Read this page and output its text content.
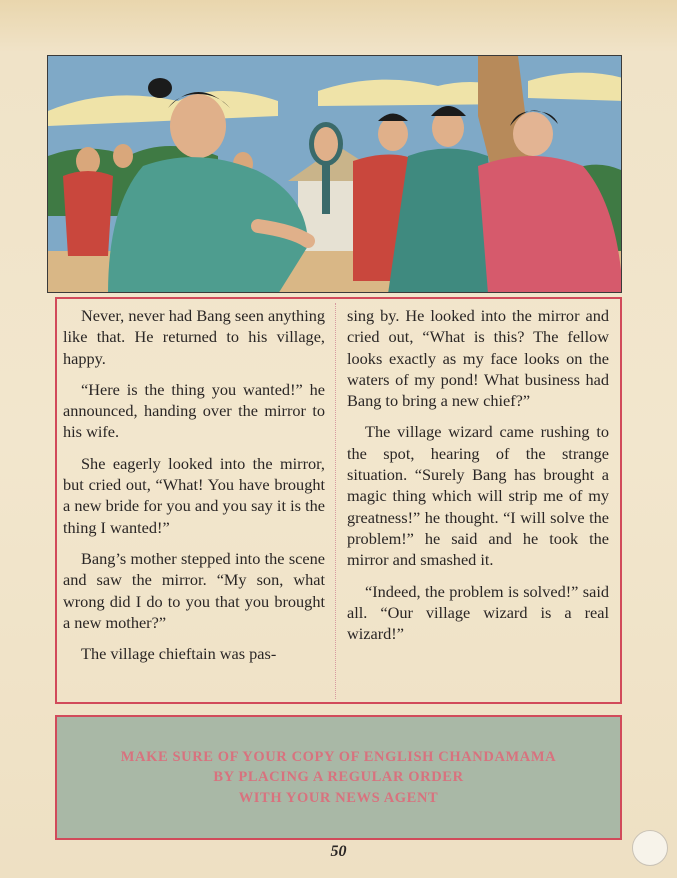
Never, never had Bang seen anything like that. He returned to his village, happy.

“Here is the thing you wanted!” he announced, handing over the mirror to his wife.

She eagerly looked into the mirror, but cried out, “What! You have brought a new bride for you and you say it is the thing I wanted!”

Bang’s mother stepped into the scene and saw the mirror. “My son, what wrong did I do to you that you brought a new mother?”

The village chieftain was pas-

sing by. He looked into the mirror and cried out, “What is this? The fellow looks exactly as my face looks on the waters of my pond! What business had Bang to bring a new chief?”

The village wizard came rushing to the spot, hearing of the strange situation. “Surely Bang has brought a magic thing which will strip me of my greatness!” he thought. “I will solve the problem!” he said and he took the mirror and smashed it.

“Indeed, the problem is solved!” said all. “Our village wizard is a real wizard!”

MAKE SURE OF YOUR COPY OF ENGLISH CHANDAMAMA
BY PLACING A REGULAR ORDER
WITH YOUR NEWS AGENT
50
